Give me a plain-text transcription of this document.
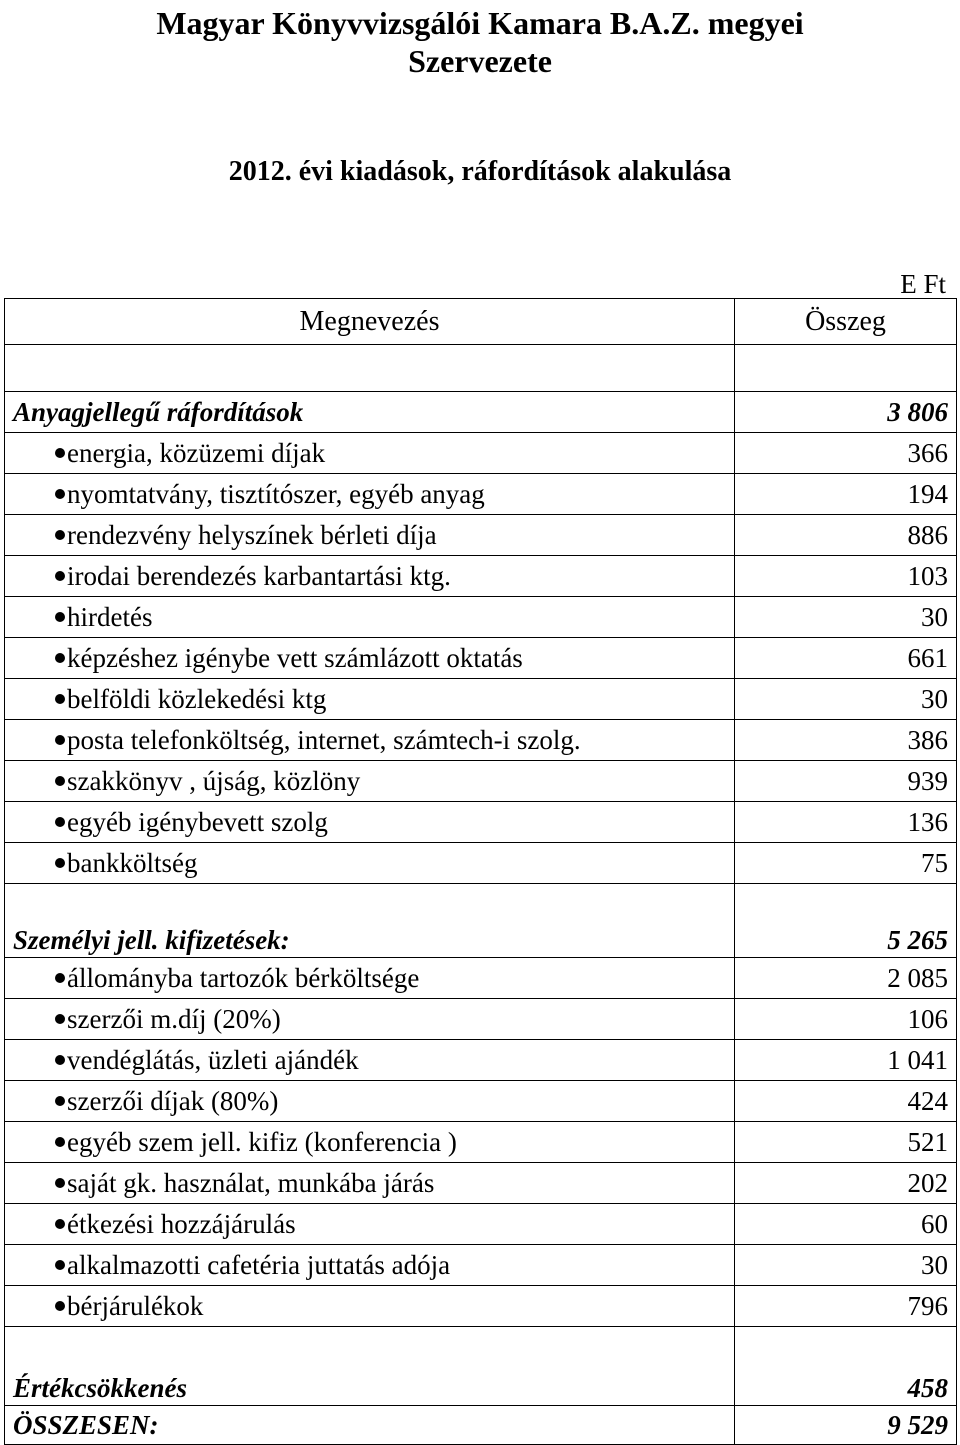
Magyar Könyvvizsgálói Kamara B.A.Z. megyei
Szervezete
2012. évi kiadások, ráfordítások alakulása
E Ft
Megnevezés	Összeg

Anyagjellegű ráfordítások	3 806

energia, közüzemi díjak	366

nyomtatvány, tisztítószer, egyéb anyag	194

rendezvény helyszínek bérleti díja	886

irodai berendezés karbantartási ktg.	103

hirdetés	30

képzéshez igénybe vett számlázott oktatás	661

belföldi közlekedési ktg	30

posta telefonköltség, internet, számtech-i szolg.	386

szakkönyv , újság, közlöny	939

egyéb igénybevett szolg	136

bankköltség	75
Személyi jell. kifizetések:	5 265

állományba tartozók bérköltsége	2 085

szerzői m.díj (20%)	106

vendéglátás, üzleti ajándék	1 041

szerzői díjak (80%)	424

egyéb szem jell. kifiz (konferencia )	521

saját gk. használat, munkába járás	202

étkezési hozzájárulás	60

alkalmazotti cafetéria juttatás adója	30

bérjárulékok	796
Értékcsökkenés	458
ÖSSZESEN:	9 529
